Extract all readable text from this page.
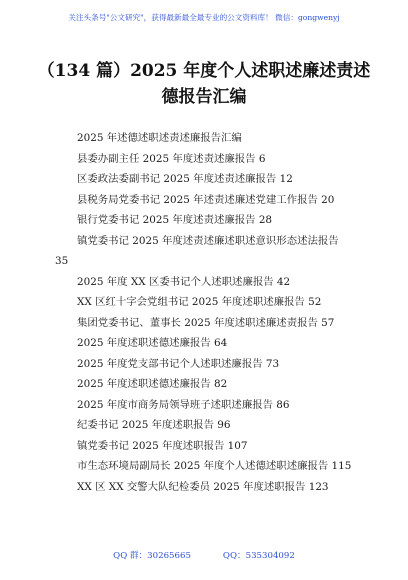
关注头条号"公文研究"，获得最新最全最专业的公文资料库！ 微信：gongwenyj
（134 篇）2025 年度个人述职述廉述责述
德报告汇编
2025 年述德述职述责述廉报告汇编
县委办副主任 2025 年度述责述廉报告 6
区委政法委副书记 2025 年度述责述廉报告 12
县税务局党委书记 2025 年述责述廉述党建工作报告 20
银行党委书记 2025 年度述责述廉报告 28
镇党委书记 2025 年度述责述廉述职述意识形态述法报告
35
2025 年度 XX 区委书记个人述职述廉报告 42
XX 区红十字会党组书记 2025 年度述职述廉报告 52
集团党委书记、董事长 2025 年度述职述廉述责报告 57
2025 年度述职述德述廉报告 64
2025 年度党支部书记个人述职述廉报告 73
2025 年度述职述德述廉报告 82
2025 年度市商务局领导班子述职述廉报告 86
纪委书记 2025 年度述职报告 96
镇党委书记 2025 年度述职报告 107
市生态环境局副局长 2025 年度个人述德述职述廉报告 115
XX 区 XX 交警大队纪检委员 2025 年度述职报告 123
QQ 群：30265665	QQ：535304092
